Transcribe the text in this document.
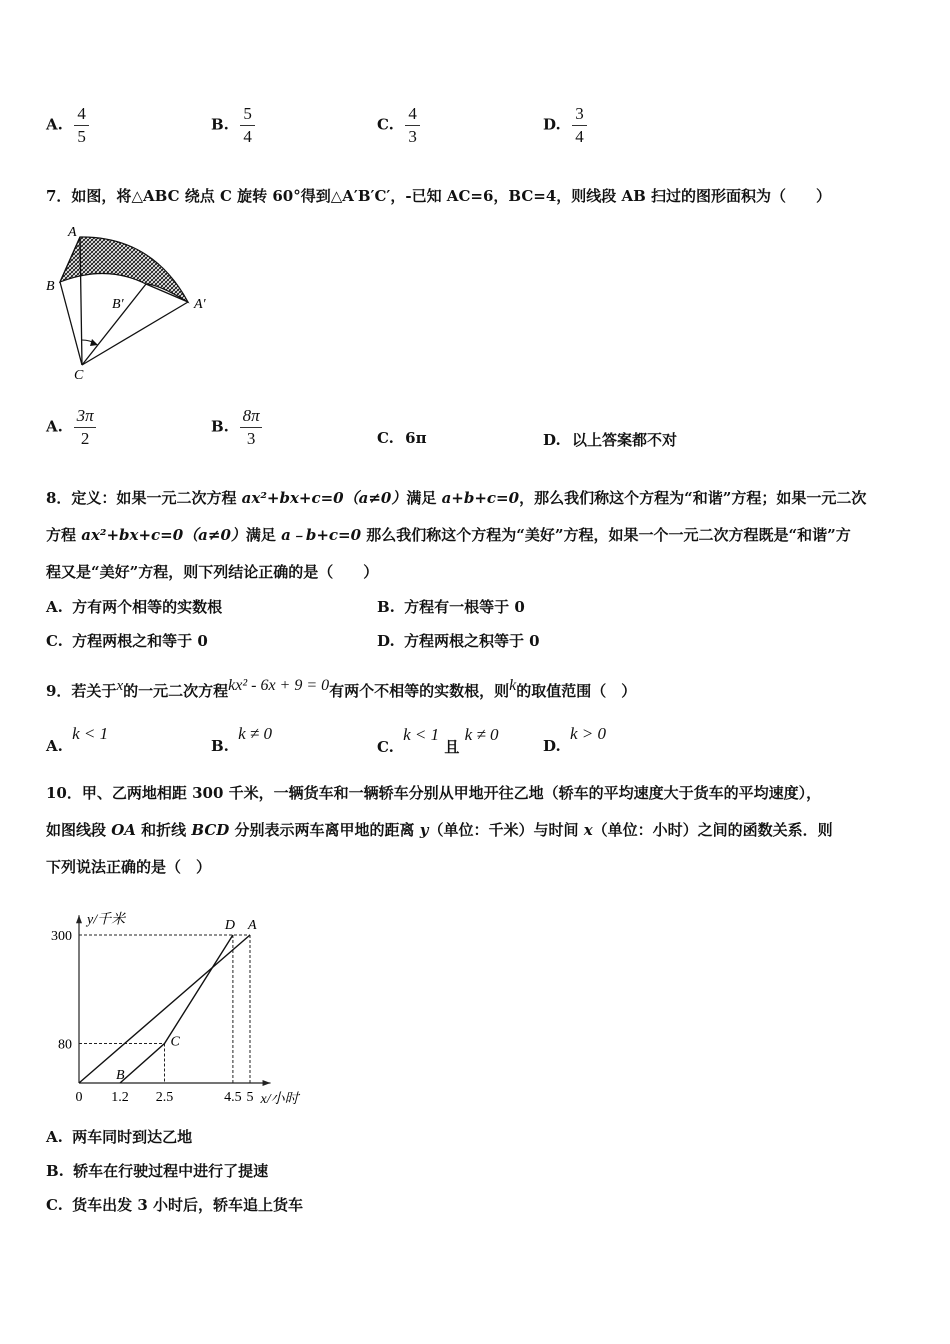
A. $\frac{4}{5}$	B. $\frac{5}{4}$	C. $\frac{4}{3}$	D. $\frac{3}{4}$
7．如图，将△ABC 绕点 C 旋转 60°得到△A′B′C′，‑已知 AC=6，BC=4，则线段 AB 扫过的图形面积为（　　）
A
B
B′	A′
C
A. $\frac{3\pi}{2}$	B. $\frac{8\pi}{3}$	C. 6π	D. 以上答案都不对
8．定义：如果一元二次方程 ax²+bx+c=0（a≠0）满足 a+b+c=0，那么我们称这个方程为“和谐”方程；如果一元二次
方程 ax²+bx+c=0（a≠0）满足 a﹣b+c=0 那么我们称这个方程为“美好”方程，如果一个一元二次方程既是“和谐”方
程又是“美好”方程，则下列结论正确的是（　　）
A. 方有两个相等的实数根	B. 方程有一根等于 0
C. 方程两根之和等于 0	D. 方程两根之积等于 0
9．若关于$^x$的一元二次方程$^{kx^2 - 6x + 9 = 0}$有两个不相等的实数根，则$^k$的取值范围（　）
A. k < 1
B. k ≠ 0
C. k < 1 且 k ≠ 0
D. k > 0
10．甲、乙两地相距 300 千米，一辆货车和一辆轿车分别从甲地开往乙地（轿车的平均速度大于货车的平均速度），
如图线段 OA 和折线 BCD 分别表示两车离甲地的距离 y（单位：千米）与时间 x（单位：小时）之间的函数关系．则
下列说法正确的是（　）
x/小时
y/千米
0 1.2 2.5	4.5 5
300
80
A
D
C
B
A. 两车同时到达乙地
B. 轿车在行驶过程中进行了提速
C. 货车出发 3 小时后，轿车追上货车
